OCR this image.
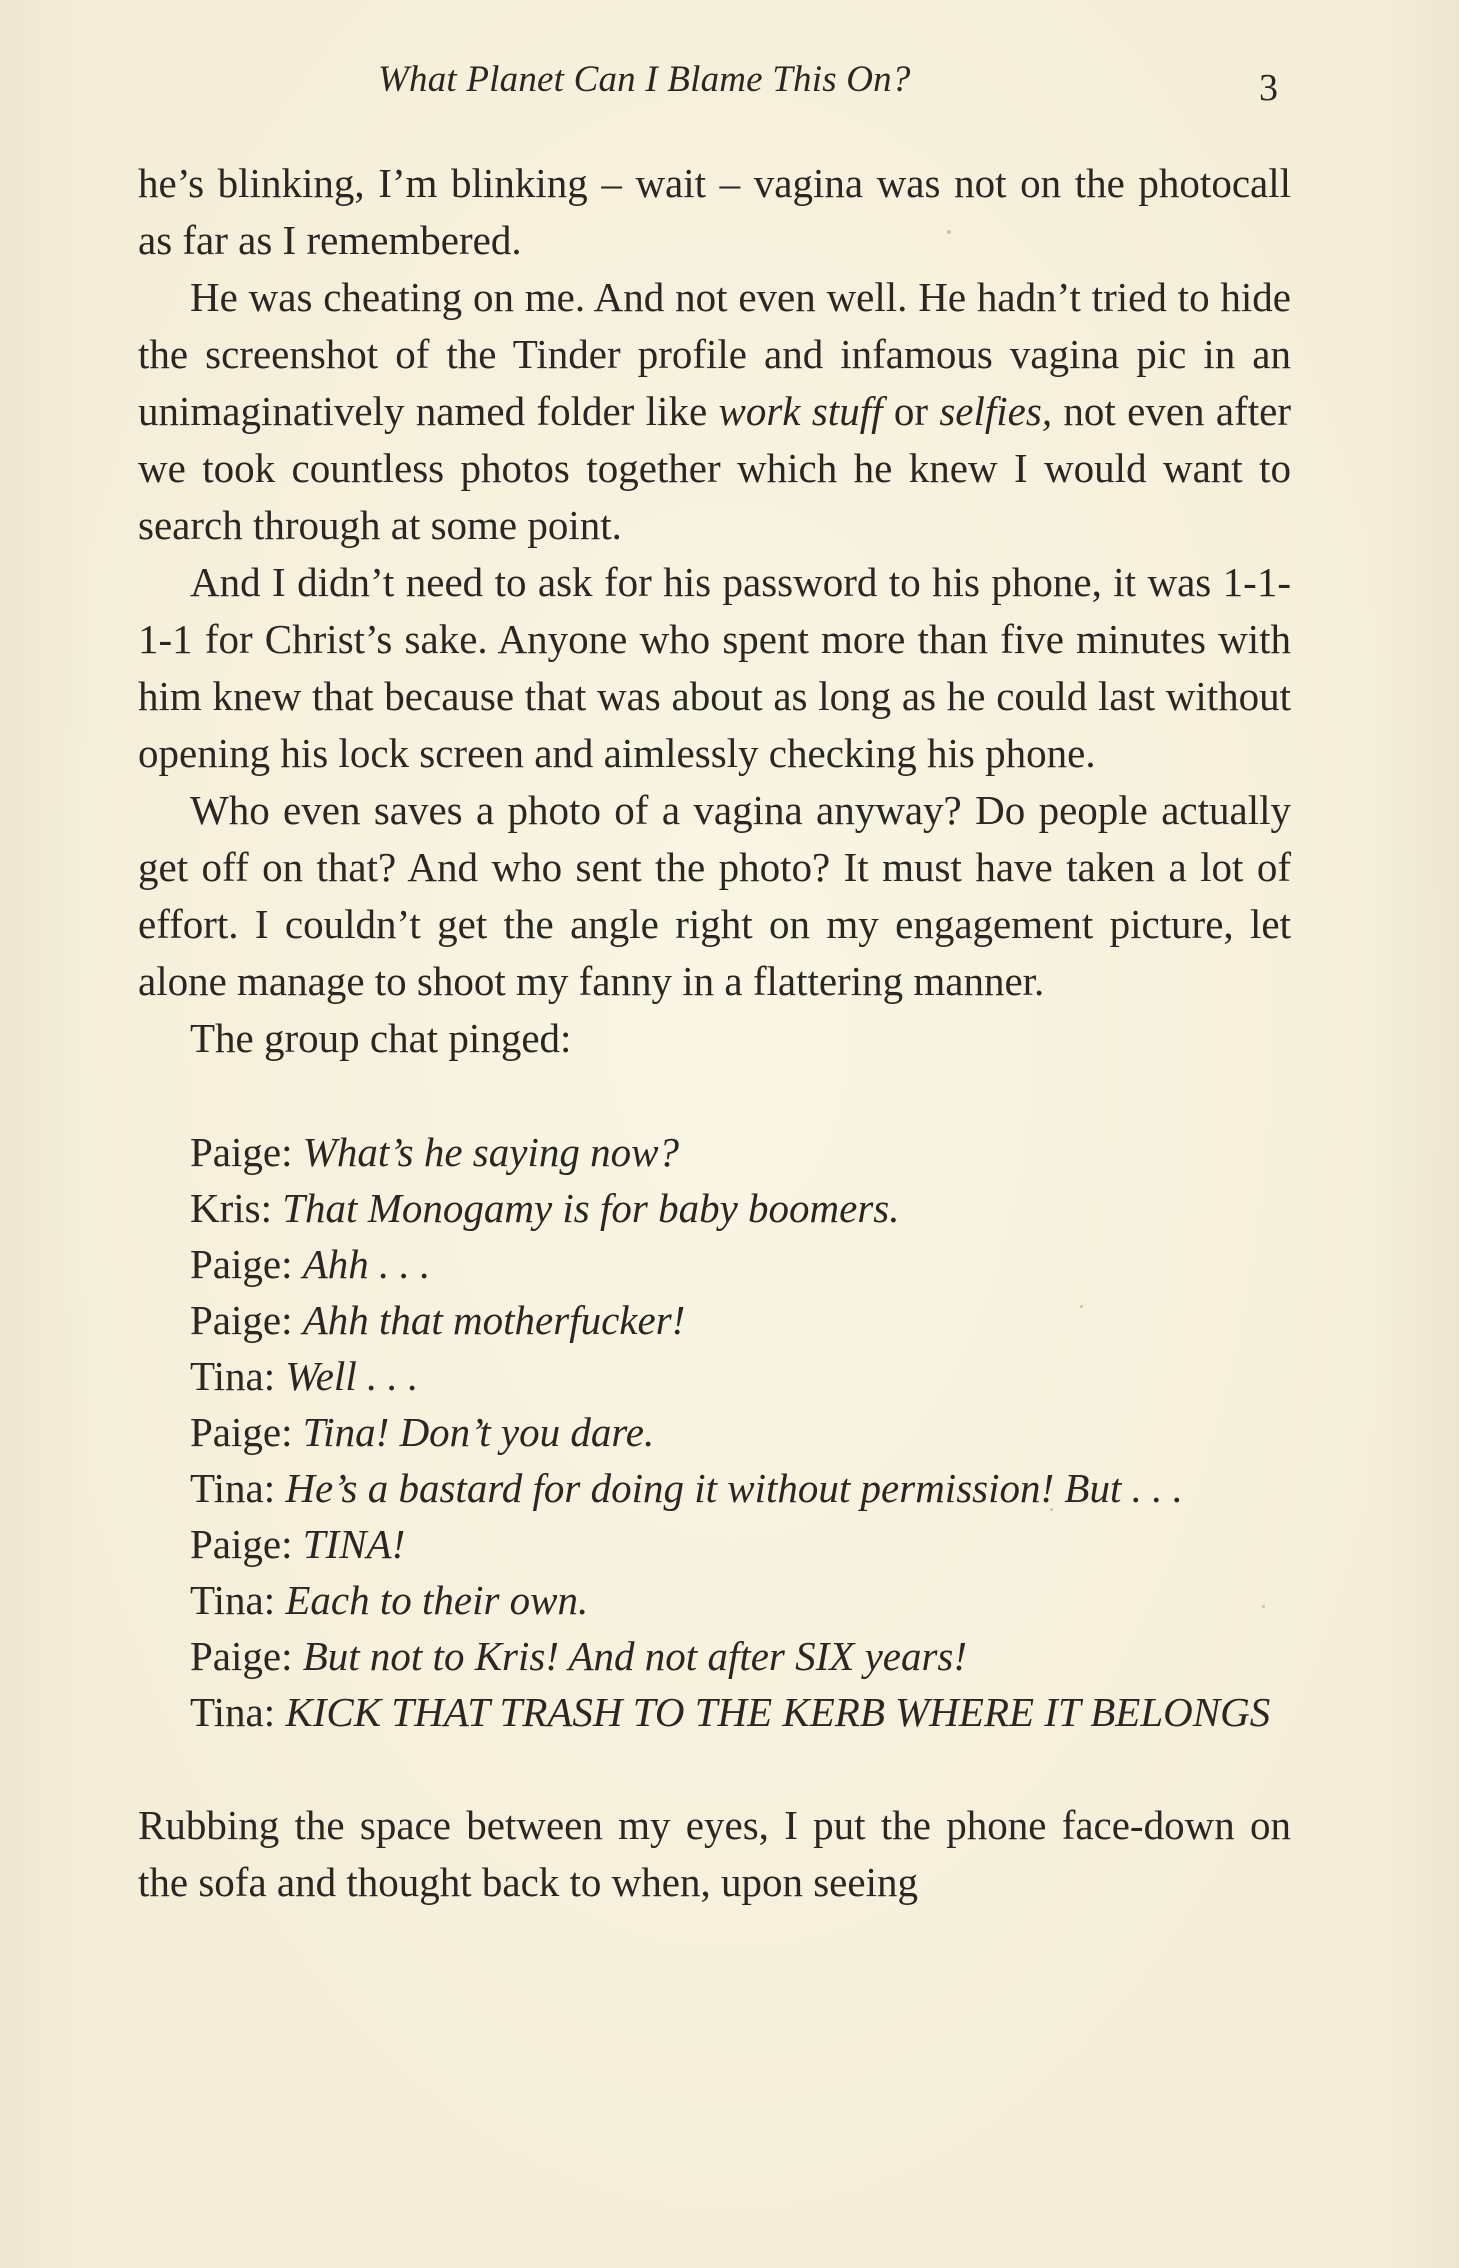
What Planet Can I Blame This On?	3

he’s blinking, I’m blinking – wait – vagina was not on the photocall as far as I remembered.

He was cheating on me. And not even well. He hadn’t tried to hide the screenshot of the Tinder profile and infamous vagina pic in an unimaginatively named folder like work stuff or selfies, not even after we took countless photos together which he knew I would want to search through at some point.

And I didn’t need to ask for his password to his phone, it was 1-1-1-1 for Christ’s sake. Anyone who spent more than five minutes with him knew that because that was about as long as he could last without opening his lock screen and aimlessly checking his phone.

Who even saves a photo of a vagina anyway? Do people actually get off on that? And who sent the photo? It must have taken a lot of effort. I couldn’t get the angle right on my engagement picture, let alone manage to shoot my fanny in a flattering manner.

The group chat pinged:

Paige: What’s he saying now?

Kris: That Monogamy is for baby boomers.

Paige: Ahh . . .

Paige: Ahh that motherfucker!

Tina: Well . . .

Paige: Tina! Don’t you dare.

Tina: He’s a bastard for doing it without permission! But . . .

Paige: TINA!

Tina: Each to their own.

Paige: But not to Kris! And not after SIX years!

Tina: KICK THAT TRASH TO THE KERB WHERE IT BELONGS

Rubbing the space between my eyes, I put the phone face-down on the sofa and thought back to when, upon seeing
